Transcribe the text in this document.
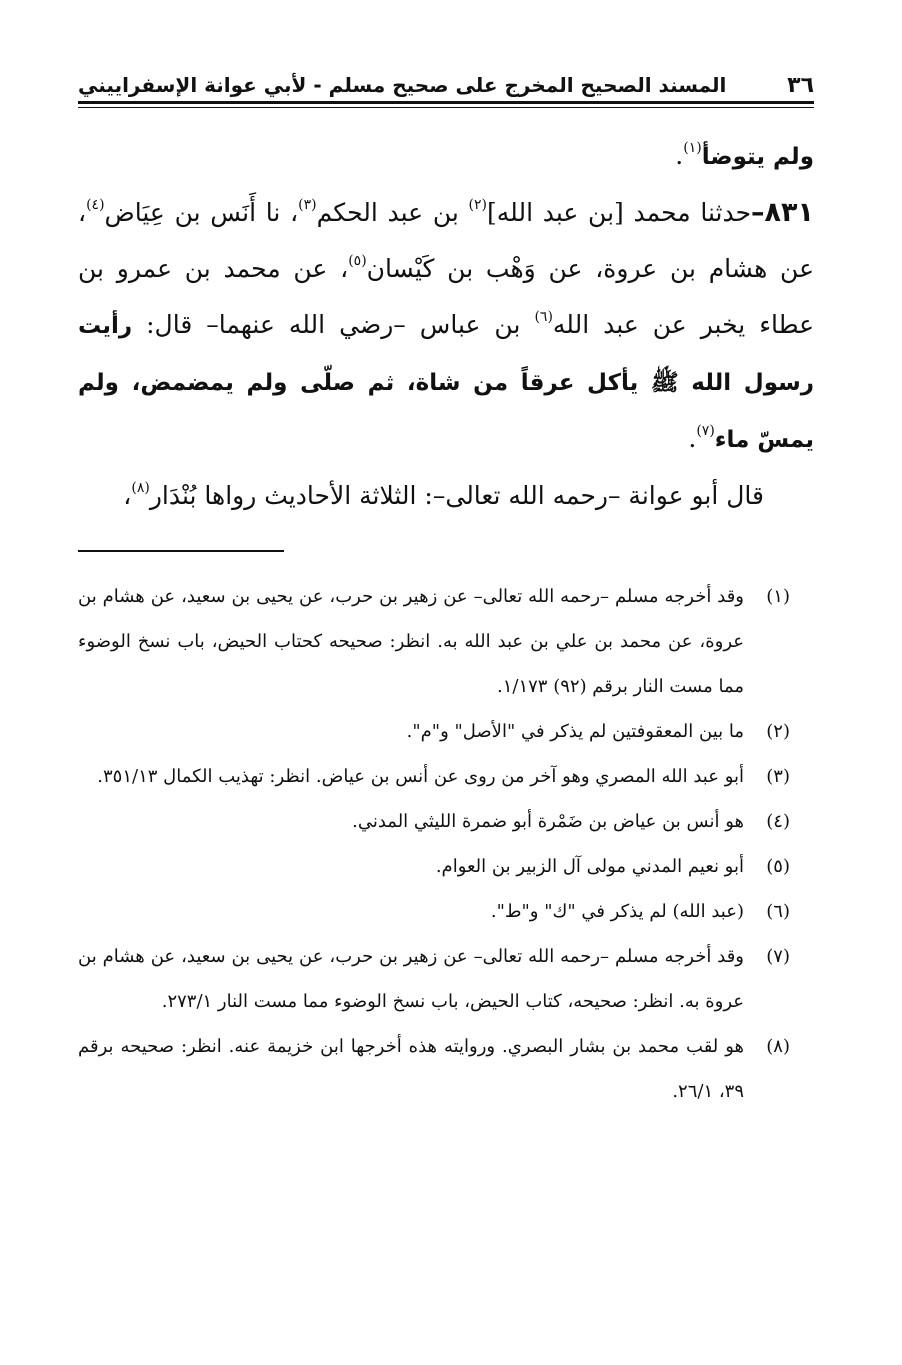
٣٦
المسند الصحيح المخرج على صحيح مسلم - لأبي عوانة الإسفراييني

ولم يتوضأ$^{(١)}$.

٨٣١–حدثنا محمد [بن عبد الله]$^{(٢)}$ بن عبد الحكم$^{(٣)}$، نا أَنَس بن عِيَاض$^{(٤)}$، عن هشام بن عروة، عن وَهْب بن كَيْسان$^{(٥)}$، عن محمد بن عمرو بن عطاء يخبر عن عبد الله$^{(٦)}$ بن عباس –رضي الله عنهما– قال: رأيت رسول الله ﷺ يأكل عرقاً من شاة، ثم صلّى ولم يمضمض، ولم يمسّ ماء$^{(٧)}$.

قال أبو عوانة –رحمه الله تعالى–: الثلاثة الأحاديث رواها بُنْدَار$^{(٨)}$،

(١)وقد أخرجه مسلم –رحمه الله تعالى– عن زهير بن حرب، عن يحيى بن سعيد، عن هشام بن عروة، عن محمد بن علي بن عبد الله به. انظر: صحيحه كحتاب الحيض، باب نسخ الوضوء مما مست النار برقم (٩٢) ١/١٧٣.

(٢)ما بين المعقوفتين لم يذكر في "الأصل" و"م".

(٣)أبو عبد الله المصري وهو آخر من روى عن أنس بن عياض. انظر: تهذيب الكمال ٣٥١/١٣.

(٤)هو أنس بن عياض بن ضَمْرة أبو ضمرة الليثي المدني.

(٥)أبو نعيم المدني مولى آل الزبير بن العوام.

(٦)(عبد الله) لم يذكر في "ك" و"ط".

(٧)وقد أخرجه مسلم –رحمه الله تعالى– عن زهير بن حرب، عن يحيى بن سعيد، عن هشام بن عروة به. انظر: صحيحه، كتاب الحيض، باب نسخ الوضوء مما مست النار ٢٧٣/١.

(٨)هو لقب محمد بن بشار البصري. وروايته هذه أخرجها ابن خزيمة عنه. انظر: صحيحه برقم ٣٩، ٢٦/١.
